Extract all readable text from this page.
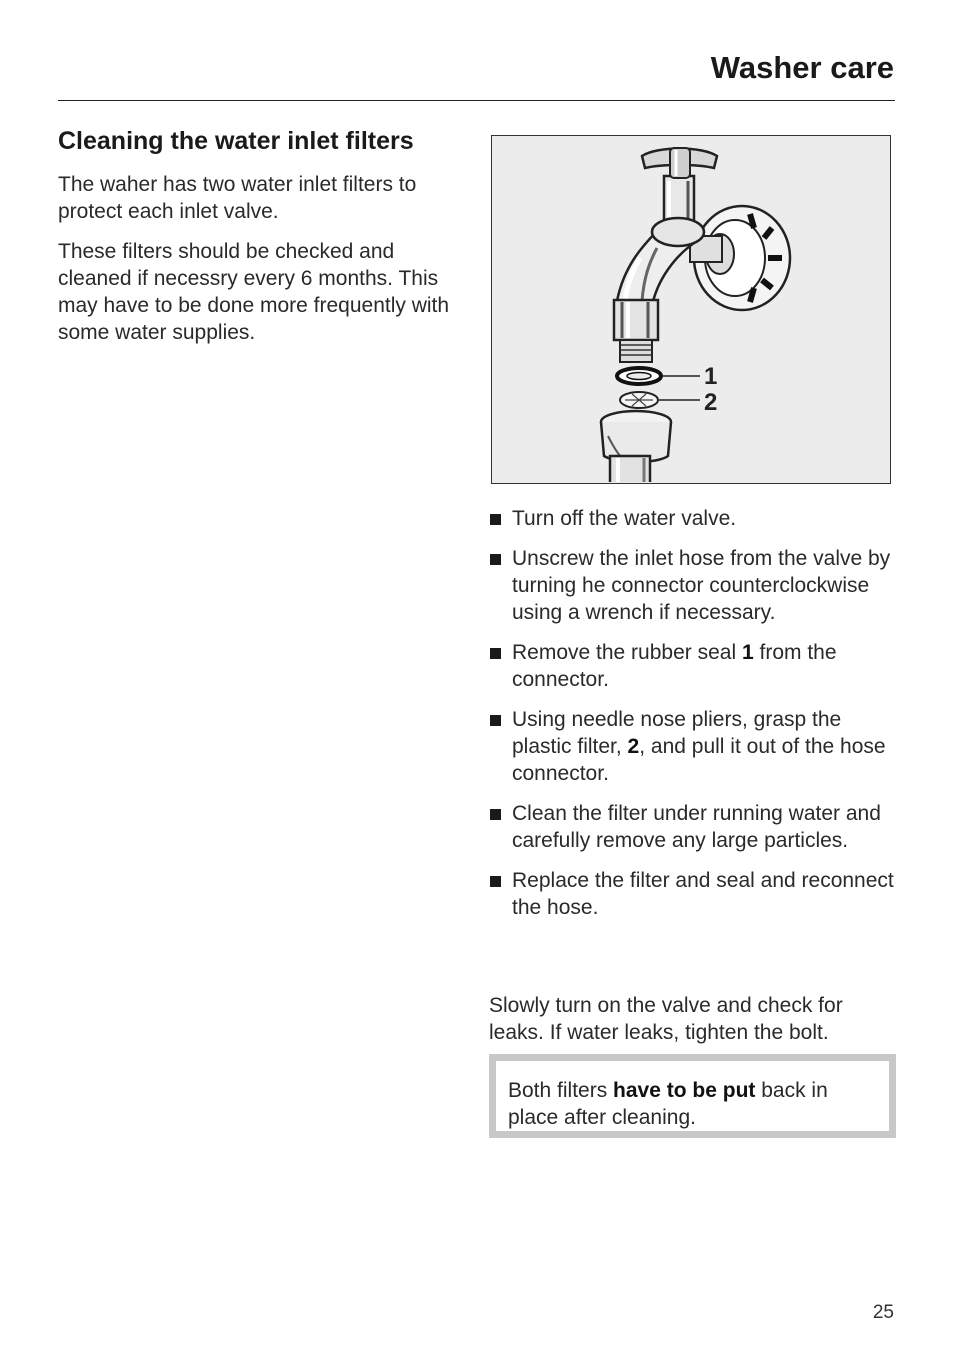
Washer care
Cleaning the water inlet filters

The waher has two water inlet filters to protect each inlet valve.

These filters should be checked and cleaned if necessry every 6 months. This may have to be done more frequently with some water supplies.

1
2
Turn off the water valve.
Unscrew the inlet hose from the valve by turning he connector counterclockwise using a wrench if necessary.
Remove the rubber seal 1 from the connector.
Using needle nose pliers, grasp the plastic filter, 2, and pull it out of the hose connector.
Clean the filter under running water and carefully remove any large particles.
Replace the filter and seal and reconnect the hose.
Slowly turn on the valve and check for leaks. If water leaks, tighten the bolt.
Both filters have to be put back in place after cleaning.
25
